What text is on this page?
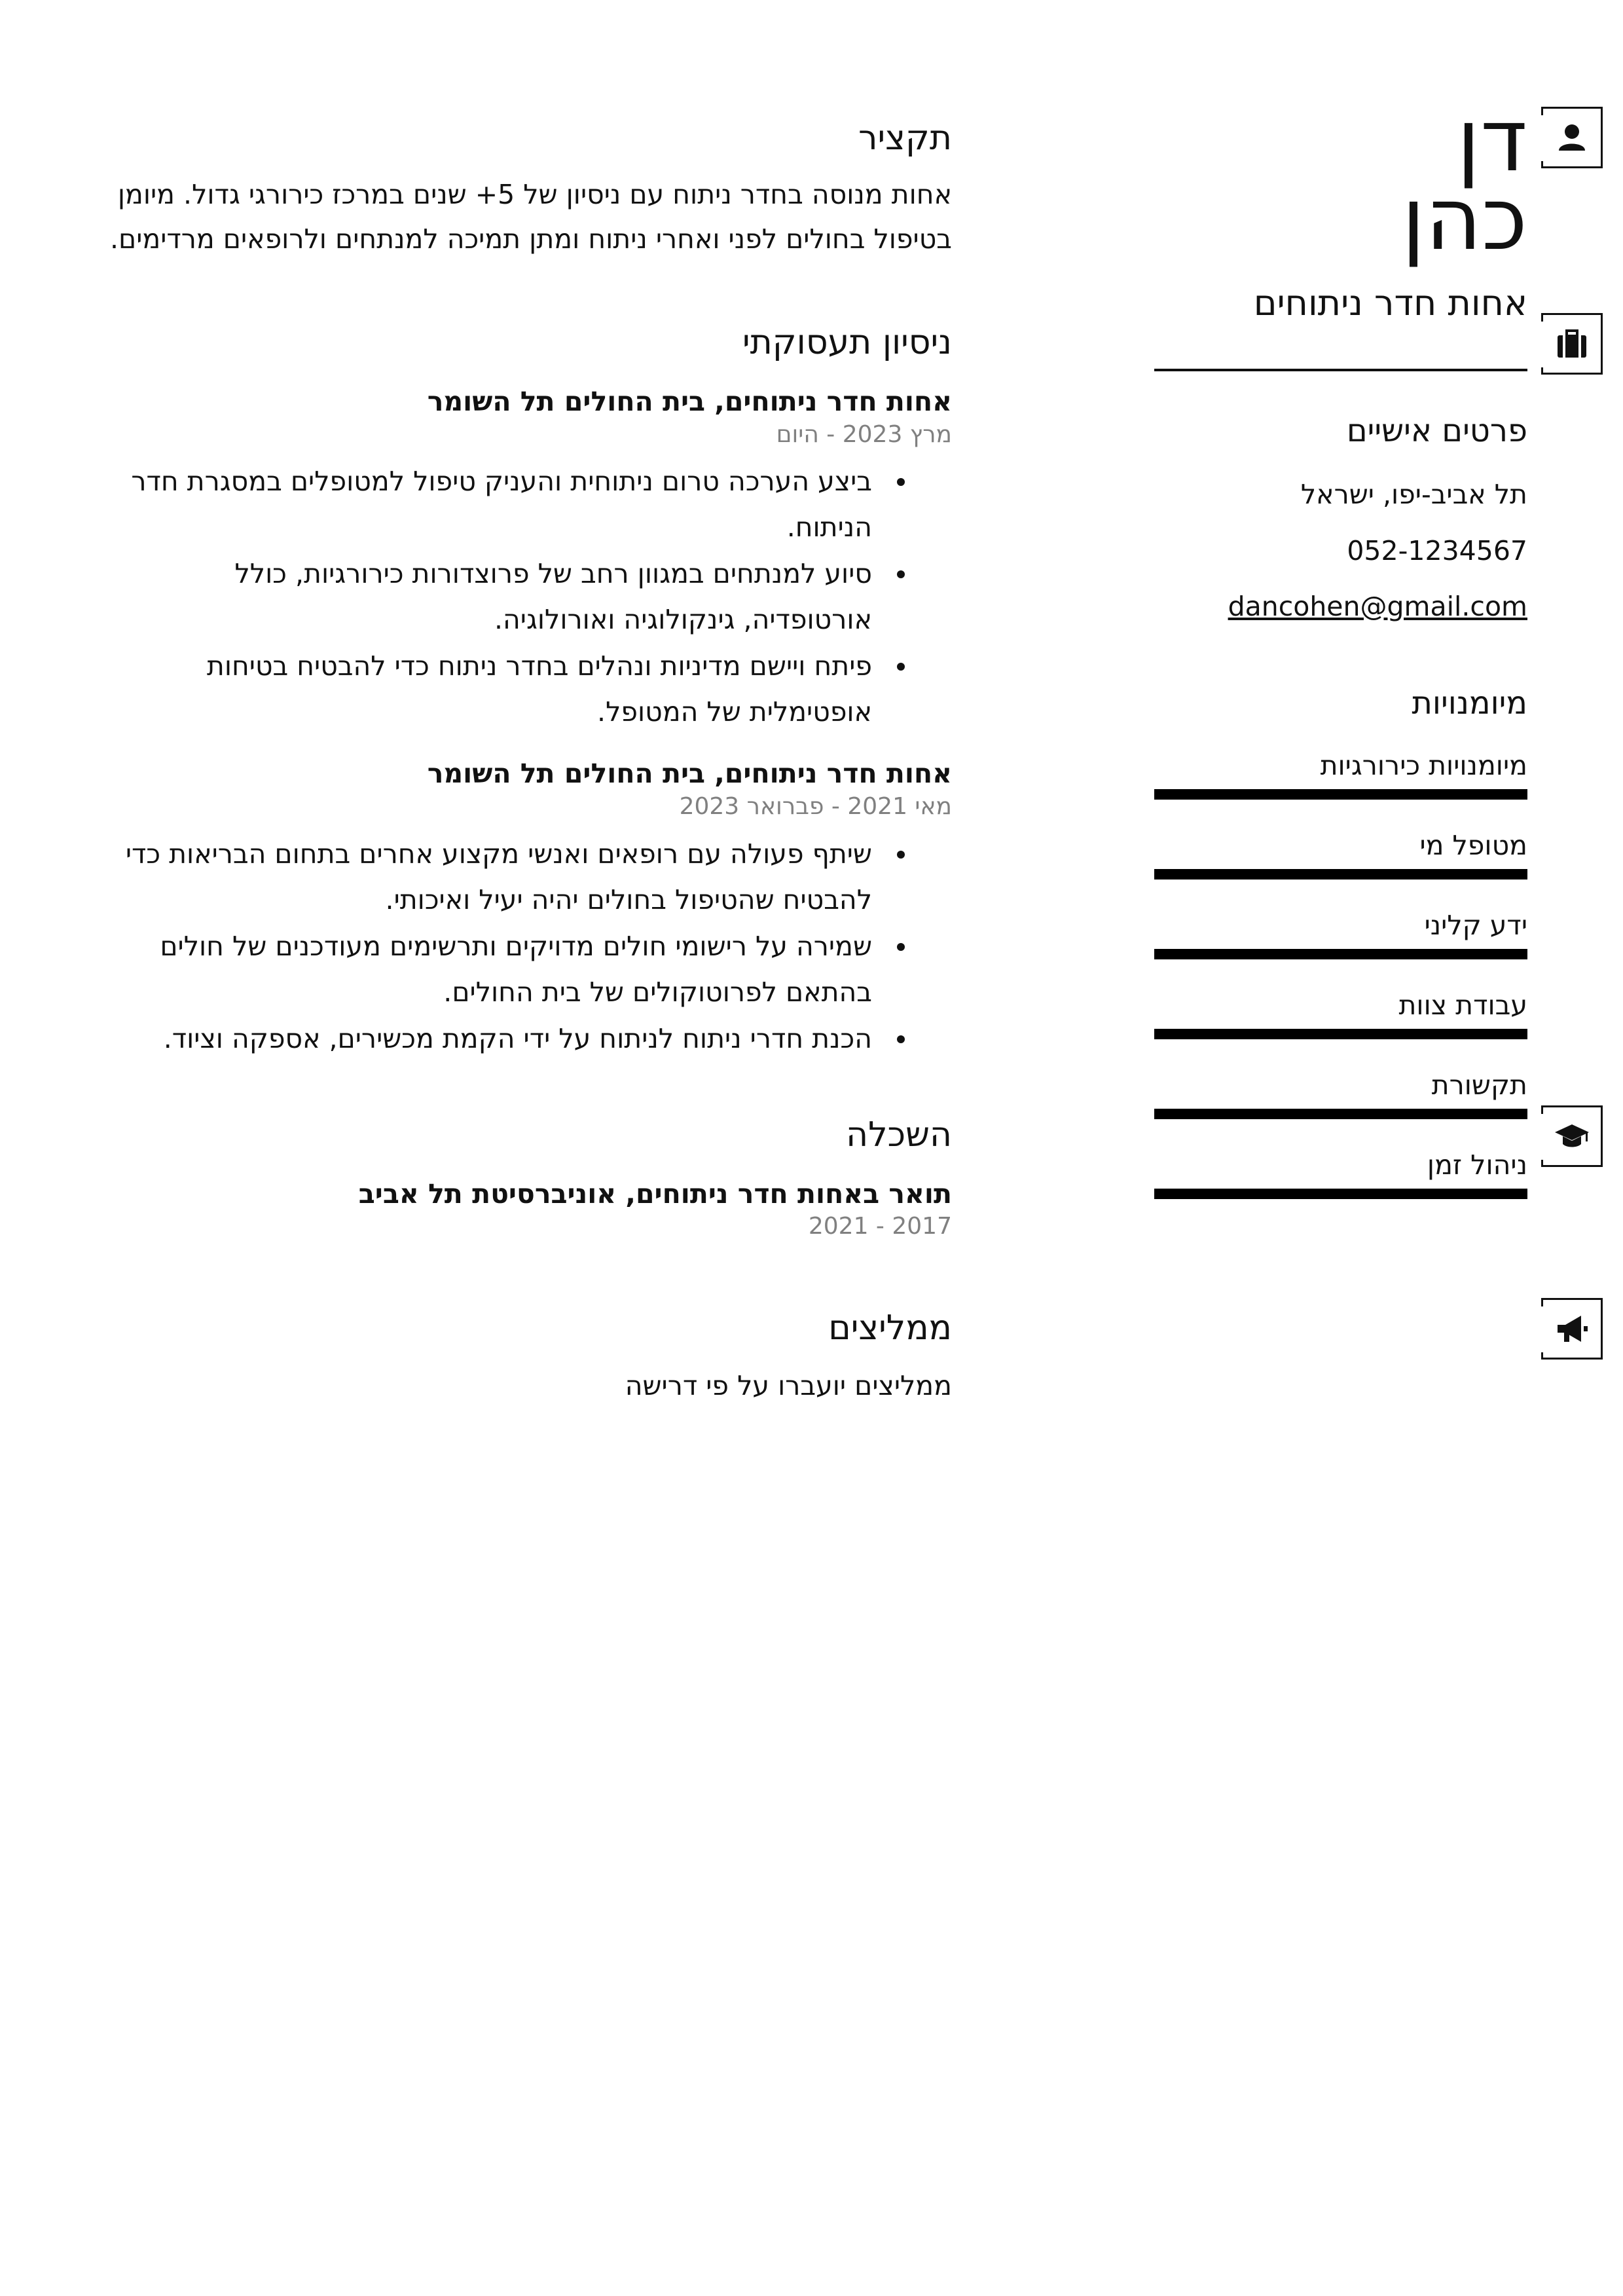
דן
כהן
אחות חדר ניתוחים
פרטים אישיים
תל אביב-יפו, ישראל
052-1234567
dancohen@gmail.com
מיומנויות
מיומנויות כירורגיות
מטופל מי
ידע קליני
עבודת צוות
תקשורת
ניהול זמן
תקציר
אחות מנוסה בחדר ניתוח עם ניסיון של 5+ שנים במרכז כירורגי גדול. מיומן
בטיפול בחולים לפני ואחרי ניתוח ומתן תמיכה למנתחים ולרופאים מרדימים.
ניסיון תעסוקתי
אחות חדר ניתוחים, בית החולים תל השומר
מרץ 2023 - היום
ביצע הערכה טרום ניתוחית והעניק טיפול למטופלים במסגרת חדר
הניתוח.
סיוע למנתחים במגוון רחב של פרוצדורות כירורגיות, כולל
אורטופדיה, גינקולוגיה ואורולוגיה.
פיתח ויישם מדיניות ונהלים בחדר ניתוח כדי להבטיח בטיחות
אופטימלית של המטופל.
אחות חדר ניתוחים, בית החולים תל השומר
מאי 2021 - פברואר 2023
שיתף פעולה עם רופאים ואנשי מקצוע אחרים בתחום הבריאות כדי
להבטיח שהטיפול בחולים יהיה יעיל ואיכותי.
שמירה על רישומי חולים מדויקים ותרשימים מעודכנים של חולים
בהתאם לפרוטוקולים של בית החולים.
הכנת חדרי ניתוח לניתוח על ידי הקמת מכשירים, אספקה וציוד.
השכלה
תואר באחות חדר ניתוחים, אוניברסיטת תל אביב
2017 - 2021
ממליצים
ממליצים יועברו על פי דרישה
